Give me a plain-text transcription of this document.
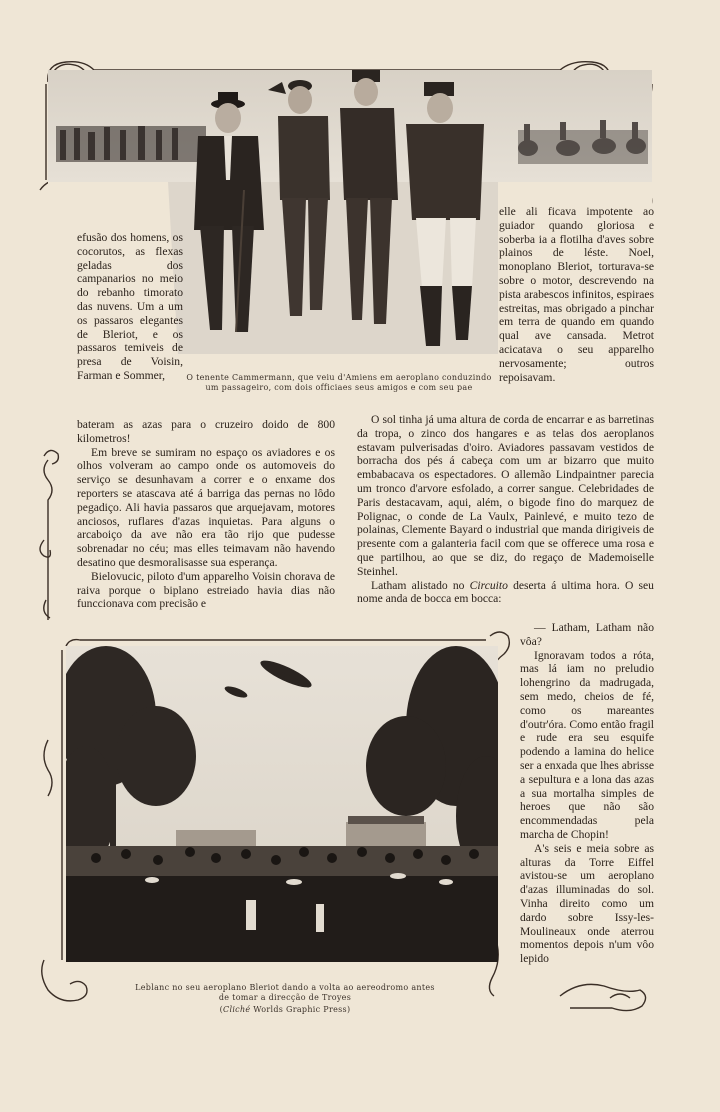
O tenente Cammermann, que veiu d'Amiens em aeroplano conduzindo um passageiro, com dois officiaes seus amigos e com seu pae

efusão dos homens, os cocorutos, as flexas geladas dos campanarios no meio do rebanho timorato das nuvens. Um a um os passaros elegantes de Bleriot, e os passaros temiveis de presa de Voisin, Farman e Sommer,

bateram as azas para o cruzeiro doido de 800 kilometros!

Em breve se sumiram no espaço os aviadores e os olhos volveram ao campo onde os automoveis do serviço se desunhavam a correr e o enxame dos reporters se atascava até á barriga das pernas no lôdo pegadiço. Ali havia passaros que arquejavam, motores anciosos, ruflares d'azas inquietas. Para alguns o arcaboiço da ave não era tão rijo que pudesse sobrenadar no céu; mas elles teimavam não havendo desatino que desmoralisasse sua esperança.

Bielovucic, piloto d'um apparelho Voisin chorava de raiva porque o biplano estreiado havia dias não funccionava com precisão e

elle ali ficava impotente ao guiador quando gloriosa e soberba ia a flotilha d'aves sobre plainos de léste. Noel, monoplano Bleriot, torturava-se sobre o motor, descrevendo na pista arabescos infinitos, espiraes estreitas, mas obrigado a pinchar em terra de quando em quando qual ave cansada. Metrot acicatava o seu apparelho nervosamente; outros repoisavam.

O sol tinha já uma altura de corda de encarrar e as barretinas da tropa, o zinco dos hangares e as telas dos aeroplanos estavam pulverisadas d'oiro. Aviadores passavam vestidos de borracha dos pés á cabeça com um ar bizarro que muito embabacava os espectadores. O allemão Lindpaintner parecia um tronco d'arvore esfolado, a correr sangue. Celebridades de Paris destacavam, aqui, além, o bigode fino do marquez de Polignac, o conde de La Vaulx, Painlevé, e muito tezo de polainas, Clemente Bayard o industrial que manda dirigiveis de presente com a galanteria facil com que se offerece uma rosa e que partilhou, ao que se diz, do regaço de Mademoiselle Steinhel.

Latham alistado no Circuito deserta á ultima hora. O seu nome anda de bocca em bocca:

— Latham, Latham não vôa?

Ignoravam todos a róta, mas lá iam no preludio lohengrino da madrugada, sem medo, cheios de fé, como os mareantes d'outr'óra. Como então fragil e rude era seu esquife podendo a lamina do helice ser a enxada que lhes abrisse a sepultura e a lona das azas a sua mortalha simples de heroes que não são encommendadas pela marcha de Chopin!

A's seis e meia sobre as alturas da Torre Eiffel avistou-se um aeroplano d'azas illuminadas do sol. Vinha direito como um dardo sobre Issy-les-Moulineaux onde aterrou momentos depois n'um vôo lepido

Leblanc no seu aeroplano Bleriot dando a volta ao aereodromo antes de tomar a direcção de Troyes
(Cliché Worlds Graphic Press)
